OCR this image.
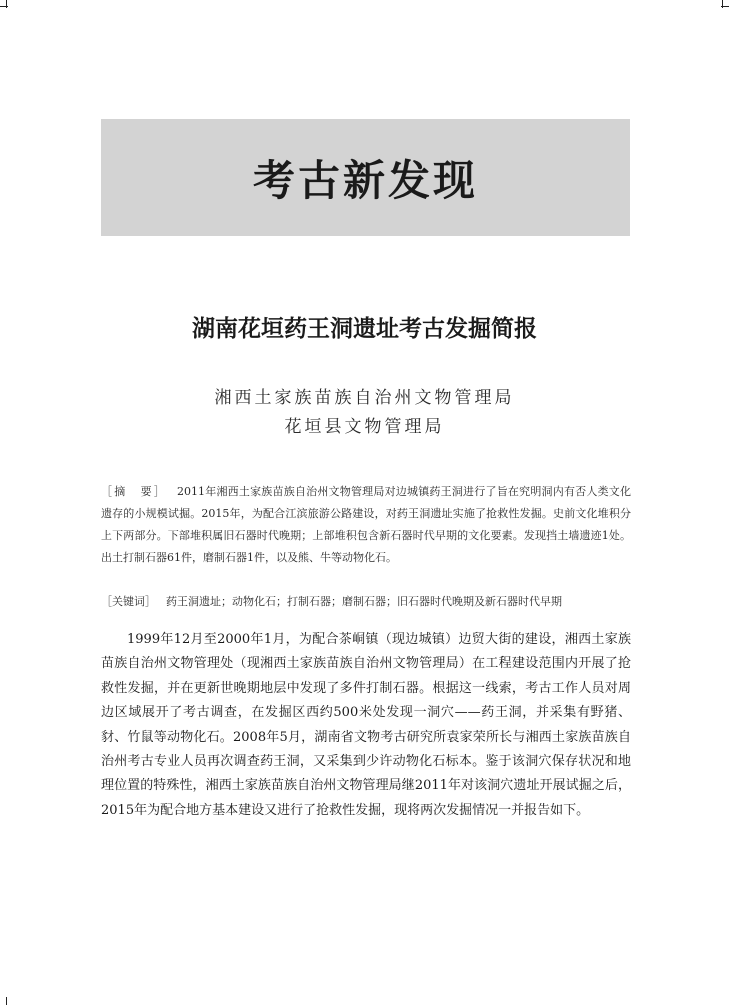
考古新发现
湖南花垣药王洞遗址考古发掘简报
湘西土家族苗族自治州文物管理局
花垣县文物管理局
［摘　要］ 2011年湘西土家族苗族自治州文物管理局对边城镇药王洞进行了旨在究明洞内有否人类文化遗存的小规模试掘。2015年，为配合江滨旅游公路建设，对药王洞遗址实施了抢救性发掘。史前文化堆积分上下两部分。下部堆积属旧石器时代晚期；上部堆积包含新石器时代早期的文化要素。发现挡土墙遗迹1处。出土打制石器61件，磨制石器1件，以及熊、牛等动物化石。
［关键词］ 药王洞遗址；动物化石；打制石器；磨制石器；旧石器时代晚期及新石器时代早期

1999年12月至2000年1月，为配合茶峒镇（现边城镇）边贸大街的建设，湘西土家族苗族自治州文物管理处（现湘西土家族苗族自治州文物管理局）在工程建设范围内开展了抢救性发掘，并在更新世晚期地层中发现了多件打制石器。根据这一线索，考古工作人员对周边区域展开了考古调查，在发掘区西约500米处发现一洞穴——药王洞，并采集有野猪、豺、竹鼠等动物化石。2008年5月，湖南省文物考古研究所袁家荣所长与湘西土家族苗族自治州考古专业人员再次调查药王洞，又采集到少许动物化石标本。鉴于该洞穴保存状况和地理位置的特殊性，湘西土家族苗族自治州文物管理局继2011年对该洞穴遗址开展试掘之后，2015年为配合地方基本建设又进行了抢救性发掘，现将两次发掘情况一并报告如下。
